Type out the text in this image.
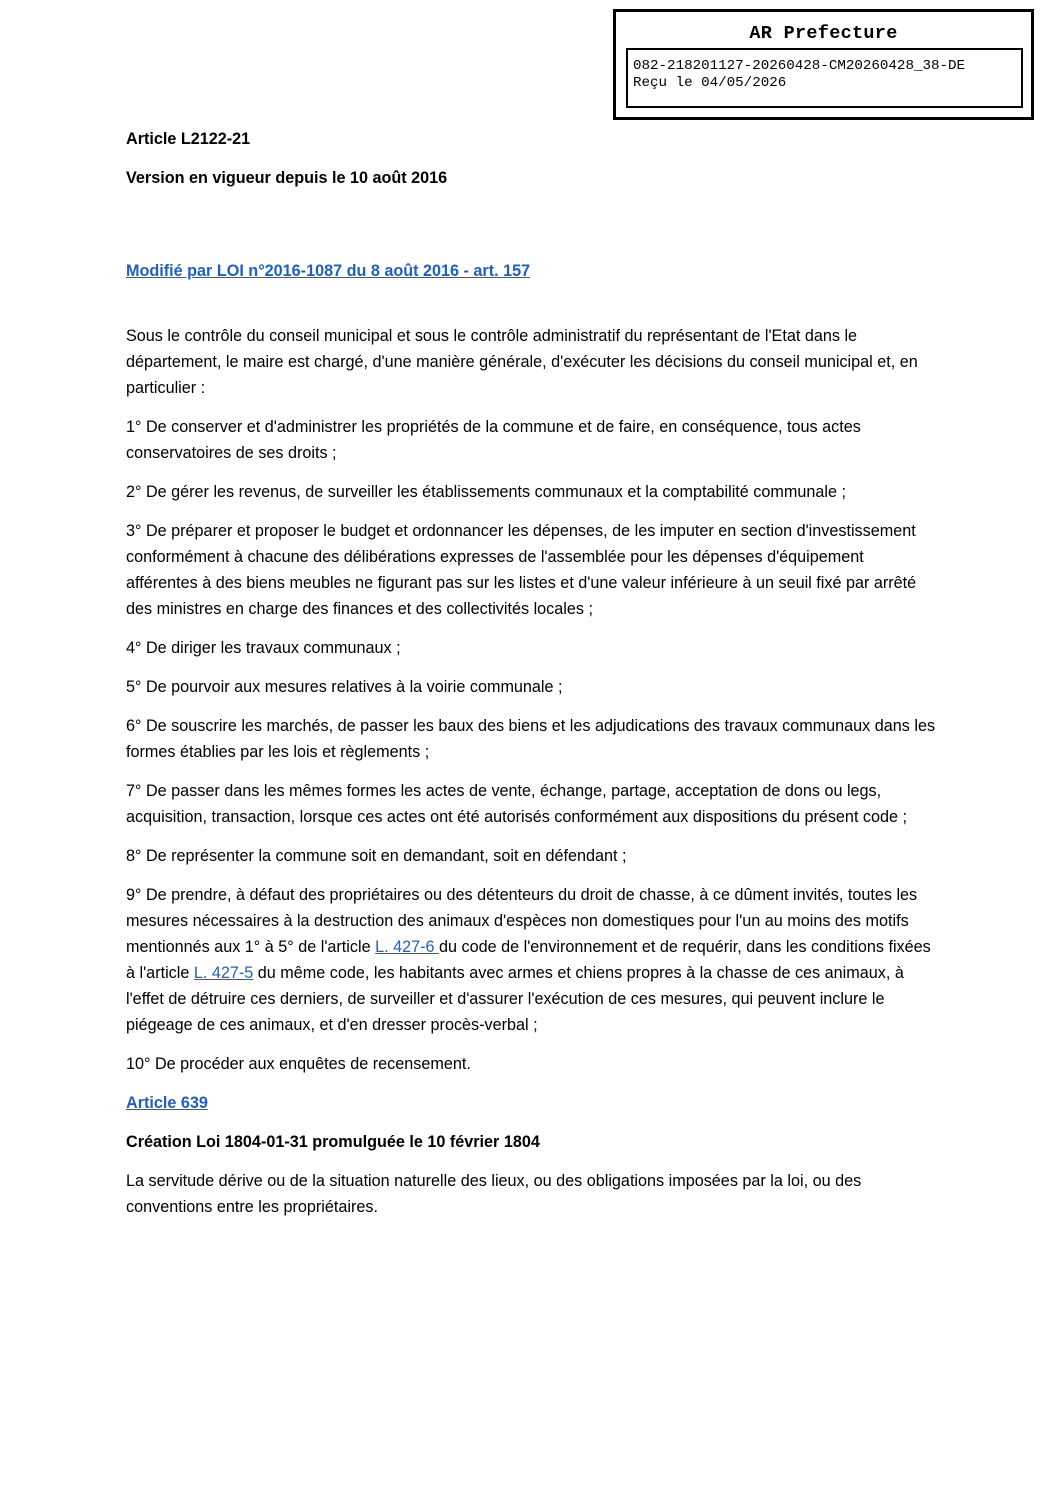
AR Prefecture
082-218201127-20260428-CM20260428_38-DE
Reçu le 04/05/2026

Article L2122-21

Version en vigueur depuis le 10 août 2016

Modifié par LOI n°2016-1087 du 8 août 2016 - art. 157

Sous le contrôle du conseil municipal et sous le contrôle administratif du représentant de l'Etat dans le département, le maire est chargé, d'une manière générale, d'exécuter les décisions du conseil municipal et, en particulier :

1° De conserver et d'administrer les propriétés de la commune et de faire, en conséquence, tous actes conservatoires de ses droits ;

2° De gérer les revenus, de surveiller les établissements communaux et la comptabilité communale ;

3° De préparer et proposer le budget et ordonnancer les dépenses, de les imputer en section d'investissement conformément à chacune des délibérations expresses de l'assemblée pour les dépenses d'équipement afférentes à des biens meubles ne figurant pas sur les listes et d'une valeur inférieure à un seuil fixé par arrêté des ministres en charge des finances et des collectivités locales ;

4° De diriger les travaux communaux ;

5° De pourvoir aux mesures relatives à la voirie communale ;

6° De souscrire les marchés, de passer les baux des biens et les adjudications des travaux communaux dans les formes établies par les lois et règlements ;

7° De passer dans les mêmes formes les actes de vente, échange, partage, acceptation de dons ou legs, acquisition, transaction, lorsque ces actes ont été autorisés conformément aux dispositions du présent code ;

8° De représenter la commune soit en demandant, soit en défendant ;

9° De prendre, à défaut des propriétaires ou des détenteurs du droit de chasse, à ce dûment invités, toutes les mesures nécessaires à la destruction des animaux d'espèces non domestiques pour l'un au moins des motifs mentionnés aux 1° à 5° de l'article L. 427-6 du code de l'environnement et de requérir, dans les conditions fixées à l'article L. 427-5 du même code, les habitants avec armes et chiens propres à la chasse de ces animaux, à l'effet de détruire ces derniers, de surveiller et d'assurer l'exécution de ces mesures, qui peuvent inclure le piégeage de ces animaux, et d'en dresser procès-verbal ;

10° De procéder aux enquêtes de recensement.

Article 639

Création Loi 1804-01-31 promulguée le 10 février 1804

La servitude dérive ou de la situation naturelle des lieux, ou des obligations imposées par la loi, ou des conventions entre les propriétaires.
